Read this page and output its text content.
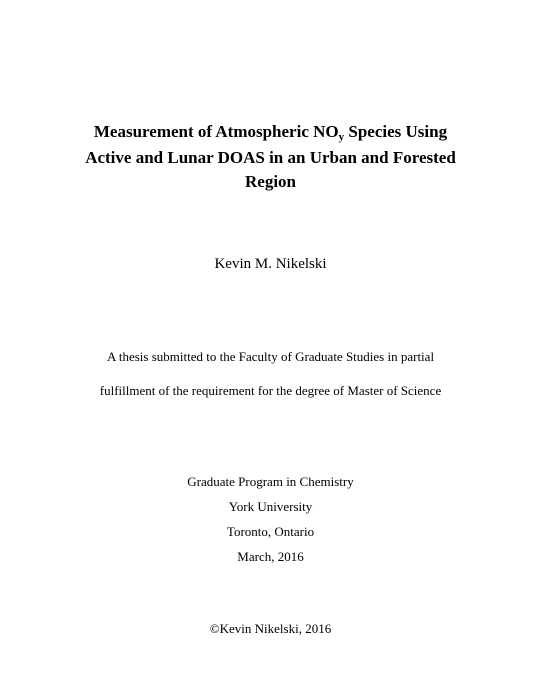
Measurement of Atmospheric $NO_y$ Species Using
Active and Lunar DOAS in an Urban and Forested
Region
Kevin M. Nikelski
A thesis submitted to the Faculty of Graduate Studies in partial
fulfillment of the requirement for the degree of Master of Science
Graduate Program in Chemistry
York University
Toronto, Ontario
March, 2016
©Kevin Nikelski, 2016
